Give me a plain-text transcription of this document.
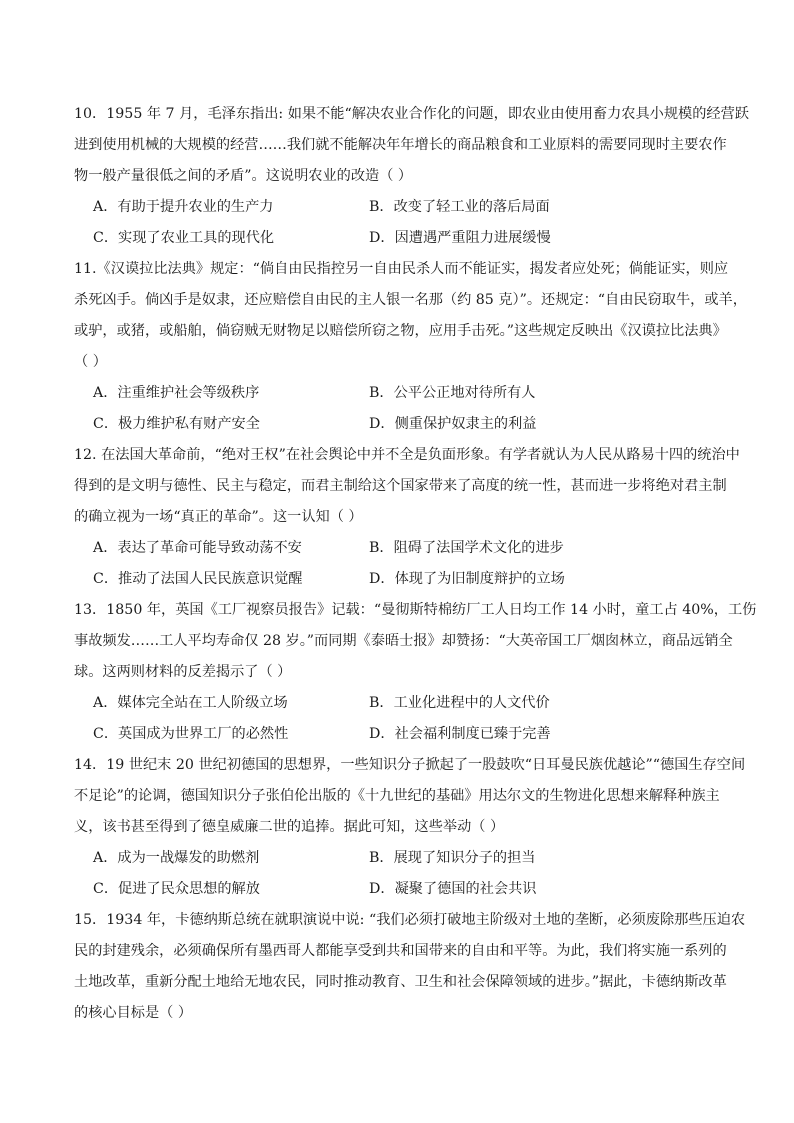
10．1955 年 7 月，毛泽东指出: 如果不能“解决农业合作化的问题，即农业由使用畜力农具小规模的经营跃
进到使用机械的大规模的经营……我们就不能解决年年增长的商品粮食和工业原料的需要同现时主要农作
物一般产量很低之间的矛盾”。这说明农业的改造（ ）
A．有助于提升农业的生产力	B．改变了轻工业的落后局面
C．实现了农业工具的现代化	D．因遭遇严重阻力进展缓慢
11.《汉谟拉比法典》规定：“倘自由民指控另一自由民杀人而不能证实，揭发者应处死；倘能证实，则应
杀死凶手。倘凶手是奴隶，还应赔偿自由民的主人银一名那（约 85 克）”。还规定：“自由民窃取牛，或羊，
或驴，或猪，或船舶，倘窃贼无财物足以赔偿所窃之物，应用手击死。”这些规定反映出《汉谟拉比法典》
（ ）
A．注重维护社会等级秩序	B．公平公正地对待所有人
C．极力维护私有财产安全	D．侧重保护奴隶主的利益
12. 在法国大革命前，“绝对王权”在社会舆论中并不全是负面形象。有学者就认为人民从路易十四的统治中
得到的是文明与德性、民主与稳定，而君主制给这个国家带来了高度的统一性，甚而进一步将绝对君主制
的确立视为一场“真正的革命”。这一认知（ ）
A．表达了革命可能导致动荡不安	B．阻碍了法国学术文化的进步
C．推动了法国人民民族意识觉醒	D．体现了为旧制度辩护的立场
13．1850 年，英国《工厂视察员报告》记载：“曼彻斯特棉纺厂工人日均工作 14 小时，童工占 40%，工伤
事故频发……工人平均寿命仅 28 岁。”而同期《泰晤士报》却赞扬：“大英帝国工厂烟囱林立，商品远销全
球。这两则材料的反差揭示了（ ）
A．媒体完全站在工人阶级立场	B．工业化进程中的人文代价
C．英国成为世界工厂的必然性	D．社会福利制度已臻于完善
14．19 世纪末 20 世纪初德国的思想界，一些知识分子掀起了一股鼓吹“日耳曼民族优越论”“德国生存空间
不足论”的论调，德国知识分子张伯伦出版的《十九世纪的基础》用达尔文的生物进化思想来解释种族主
义，该书甚至得到了德皇威廉二世的追捧。据此可知，这些举动（ ）
A．成为一战爆发的助燃剂	B．展现了知识分子的担当
C．促进了民众思想的解放	D．凝聚了德国的社会共识
15．1934 年，卡德纳斯总统在就职演说中说: “我们必须打破地主阶级对土地的垄断，必须废除那些压迫农
民的封建残余，必须确保所有墨西哥人都能享受到共和国带来的自由和平等。为此，我们将实施一系列的
土地改革，重新分配土地给无地农民，同时推动教育、卫生和社会保障领域的进步。”据此，卡德纳斯改革
的核心目标是（ ）
